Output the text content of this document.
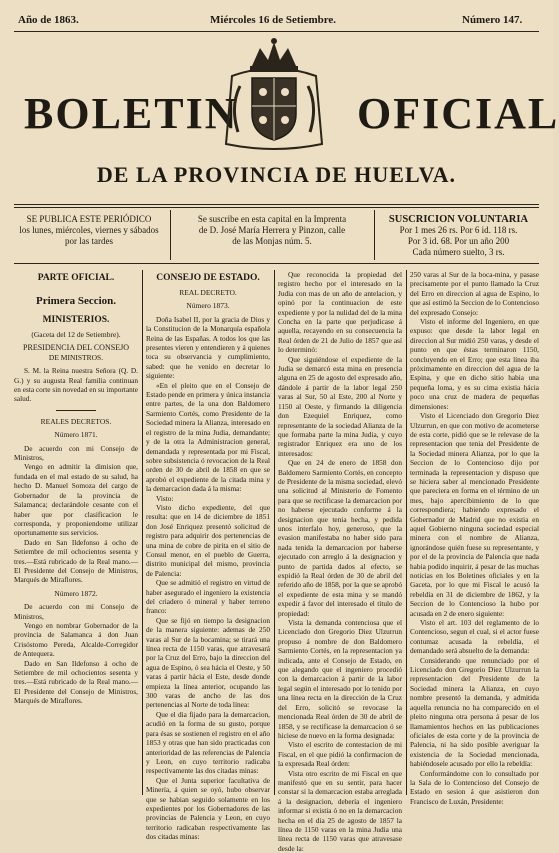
Año de 1863.	Miércoles 16 de Setiembre.	Número 147.
BOLETIN	OFICIAL
DE LA PROVINCIA DE HUELVA.
SE PUBLICA ESTE PERIÓDICO
los lunes, miércoles, viernes y sábados
por las tardes
Se suscribe en esta capital en la Imprenta
de D. José María Herrera y Pinzon, calle
de las Monjas núm. 5.
SUSCRICION VOLUNTARIA
Por 1 mes 26 rs. Por 6 id. 118 rs.
Por 3 id. 68. Por un año 200
Cada número suelto, 3 rs.

PARTE OFICIAL.

Primera Seccion.

MINISTERIOS.

(Gaceta del 12 de Setiembre).

PRESIDENCIA DEL CONSEJO

DE MINISTROS.

S. M. la Reina nuestra Señora (Q. D. G.) y su augusta Real familia continuan en esta corte sin novedad en su importante salud.

REALES DECRETOS.

Número 1871.

De acuerdo con mi Consejo de Ministros,

Vengo en admitir la dimision que, fundada en el mal estado de su salud, ha hecho D. Manuel Somoza del cargo de Gobernador de la provincia de Salamanca; declarándole cesante con el haber que por clasificacion le corresponda, y proponiendome utilizar oportunamente sus servicios.

Dado en San Ildefonso á ocho de Setiembre de mil ochocientos sesenta y tres.—Está rubricado de la Real mano.—El Presidente del Consejo de Ministros, Marqués de Miraflores.

Número 1872.

De acuerdo con mi Consejo de Ministros,

Vengo en nombrar Gobernador de la provincia de Salamanca á don Juan Crisóstomo Pereda, Alcalde-Corregidor de Antequera.

Dado en San Ildefonso á ocho de Setiembre de mil ochocientos sesenta y tres.—Está rubricado de la Real mano.—El Presidente del Consejo de Ministros, Marqués de Miraflores.

CONSEJO DE ESTADO.

REAL DECRETO.

Número 1873.

Doña Isabel II, por la gracia de Dios y la Constitucion de la Monarquía española Reina de las Españas. A todos los que las presentes vieren y entendieren y á quienes toca su observancia y cumplimiento, sabed: que he venido en decretar lo siguiente:

«En el pleito que en el Consejo de Estado pende en primera y única instancia entre partes, de la una don Baldomero Sarmiento Cortés, como Presidente de la Sociedad minera la Alianza, interesado en el registro de la mina Judia, demandante; y de la otra la Administracion general, demandada y representada por mi Fiscal, sobre subsistencia ó revocacion de la Real orden de 30 de abril de 1858 en que se aprobó el expediente de la citada mina y la demarcacion dada á la misma:

Visto:

Visto dicho expediente, del que resulta: que en 14 de diciembre de 1851 don José Enriquez presentó solicitud de registro para adquirir dos pertenencias de una mina de cobre de pirita en el sitio de Consul menor, en el pueblo de Guerra, distrito municipal del mismo, provincia de Palencia:

Que se admitió el registro en virtud de haber asegurado el ingeniero la existencia del criadero ó mineral y haber terreno franco:

Que se fijó en tiempo la designacion de la manera siguiente: ademas de 250 varas al Sur de la bocamina; se tirará una línea recta de 1150 varas, que atravesará por la Cruz del Erro, bajo la direccion del agua de Espino, ó sea hácia el Oeste, y 50 varas á partir hácia el Este, desde donde empieza la línea anterior, ocupando las 300 varas de ancho de las dos pertenencias al Norte de toda línea:

Que el dia fijado para la demarcacion, acudió en la forma de su gusto, porque para ésas se sostienen el registro en el año 1853 y otras que han sido practicadas con anterioridad de las referencias de Palencia y Leon, en cuyo territorio radicaba respectivamente las dos citadas minas:

Que el Junta superior facultativa de Minería, á quien se oyó, hubo observar que se habian seguido solamente en los expedientes por los Gobernadores de las provincias de Palencia y Leon, en cuyo territorio radicaban respectivamente las dos citadas minas:

Que reconocida la propiedad del registro hecho por el interesado en la Judia con mas de un año de antelacion, y opinó por la continuacion de este expediente y por la nulidad del de la mina Concha en la parte que perjudicase á aquella, recayendo en su consecuencia la Real órden de 21 de Julio de 1857 que así lo determinó:

Que siguiéndose el expediente de la Judia se demarcó esta mina en presencia alguna en 25 de agosto del expresado año, dándole á partir de la labor legal 250 varas al Sur, 50 al Este, 200 al Norte y 1150 al Oeste, y firmando la diligencia don Ezequiel Enriquez, como representante de la sociedad Alianza de la que formaba parte la mina Judia, y cuyo registrador Enriquez era uno de los interesados:

Que en 24 de enero de 1858 don Baldomero Sarmiento Cortés, en concepto de Presidente de la misma sociedad, elevó una solicitud al Ministerio de Fomento para que se rectificase la demarcacion por no haberse ejecutado conforme á la designacion que tenia hecha, y pedida unos interfalo hoy, generoso, que la evasion manifestaba no haber sido para nada tenida la demarcacion por haberse ejecutado con arreglo á la designacion y punto de partida dados al efecto, se expidió la Real órden de 30 de abril del referido año de 1858, por la que se aprobó el expediente de esta mina y se mandó expedir á favor del interesado el título de propiedad:

Vista la demanda contenciosa que el Licenciado don Gregorio Diez Ulzurrun propuso á nombre de don Baldomero Sarmiento Cortés, en la representacion ya indicada, ante el Consejo de Estado, en que alegando que el ingeniero procedió con la demarcacion á partir de la labor legal según el interesado por lo tenido por una línea recta en la dirección de la Cruz del Erro, solicitó se revocase la mencionada Real órden de 30 de abril de 1858, y se rectificase la demarcacion ó se hiciese de nuevo en la forma designada:

Visto el escrito de contestacion de mi Fiscal, en el que pidió la confirmacion de la expresada Real órden:

Vista otro escrito de mi Fiscal en que manifestó que en su sentir, para hacer constar si la demarcacion estaba arreglada á la designacion, debería el ingeniero informar si existia ó no en la demarcacion hecha en el dia 25 de agosto de 1857 la línea de 1150 varas en la mina Judia una línea recta de 1150 varas que atravesase desde la:

250 varas al Sur de la boca-mina, y pasase precisamente por el punto llamado la Cruz del Erro en direccion al agua de Espino, lo que así estimó la Seccion de lo Contencioso del expresado Consejo:

Visto el informe del Ingeniero, en que expuso: que desde la labor legal en direccion al Sur midió 250 varas, y desde el punto en que éstas terminaron 1150, concluyendo en el Erro; que esta línea iba próximamente en direccion del agua de la Espina, y que en dicho sitio habia una pequeña loma, y es su cima existia hácia poco una cruz de madera de pequeñas dimensiones:

Visto el Licenciado don Gregorio Diez Ulzurrun, en que con motivo de acometerse de esta corte, pidió que se le relevase de la representacion que tenia del Presidente de la Sociedad minera Alianza, por lo que la Seccion de lo Contencioso dijo por terminada la representacion y dispuso que se hiciera saber al mencionado Presidente que pareciera en forma en el término de un mes, bajo apercibimiento de lo que correspondiera; habiendo expresado el Gobernador de Madrid que no existia en aquel Gobierno ninguna sociedad especial minera con el nombre de Alianza, ignorándose quién fuese su representante, y por el de la provincia de Palencia que nada habia podido inquirir, á pesar de las muchas noticias en los Boletines oficiales y en la Gaceta, por lo que mi Fiscal le acusó la rebeldía en 31 de diciembre de 1862, y la Seccion de lo Contencioso la hubo por acusada en 2 de enero siguiente:

Visto el art. 103 del reglamento de lo Contencioso, segun el cual, si el actor fuese contumaz acusada la rebeldía, el demandado será absuelto de la demanda:

Considerando que renunciado por el Licenciado don Gregorio Diez Ulzurrun la representacion del Presidente de la Sociedad minera la Alianza, en cuyo nombre presentó la demanda, y admitida aquella renuncia no ha comparecido en el pleito ninguna otra persona á pesar de los llamamientos hechos en las publicaciones oficiales de esta corte y de la provincia de Palencia, ni ha sido posible averiguar la existencia de la Sociedad mencionada, habiéndosele acusado por ello la rebeldía:

Conformándome con lo consultado por la Sala de lo Contencioso del Consejo de Estado en sesion á que asistieron don Francisco de Luxán, Presidente:
